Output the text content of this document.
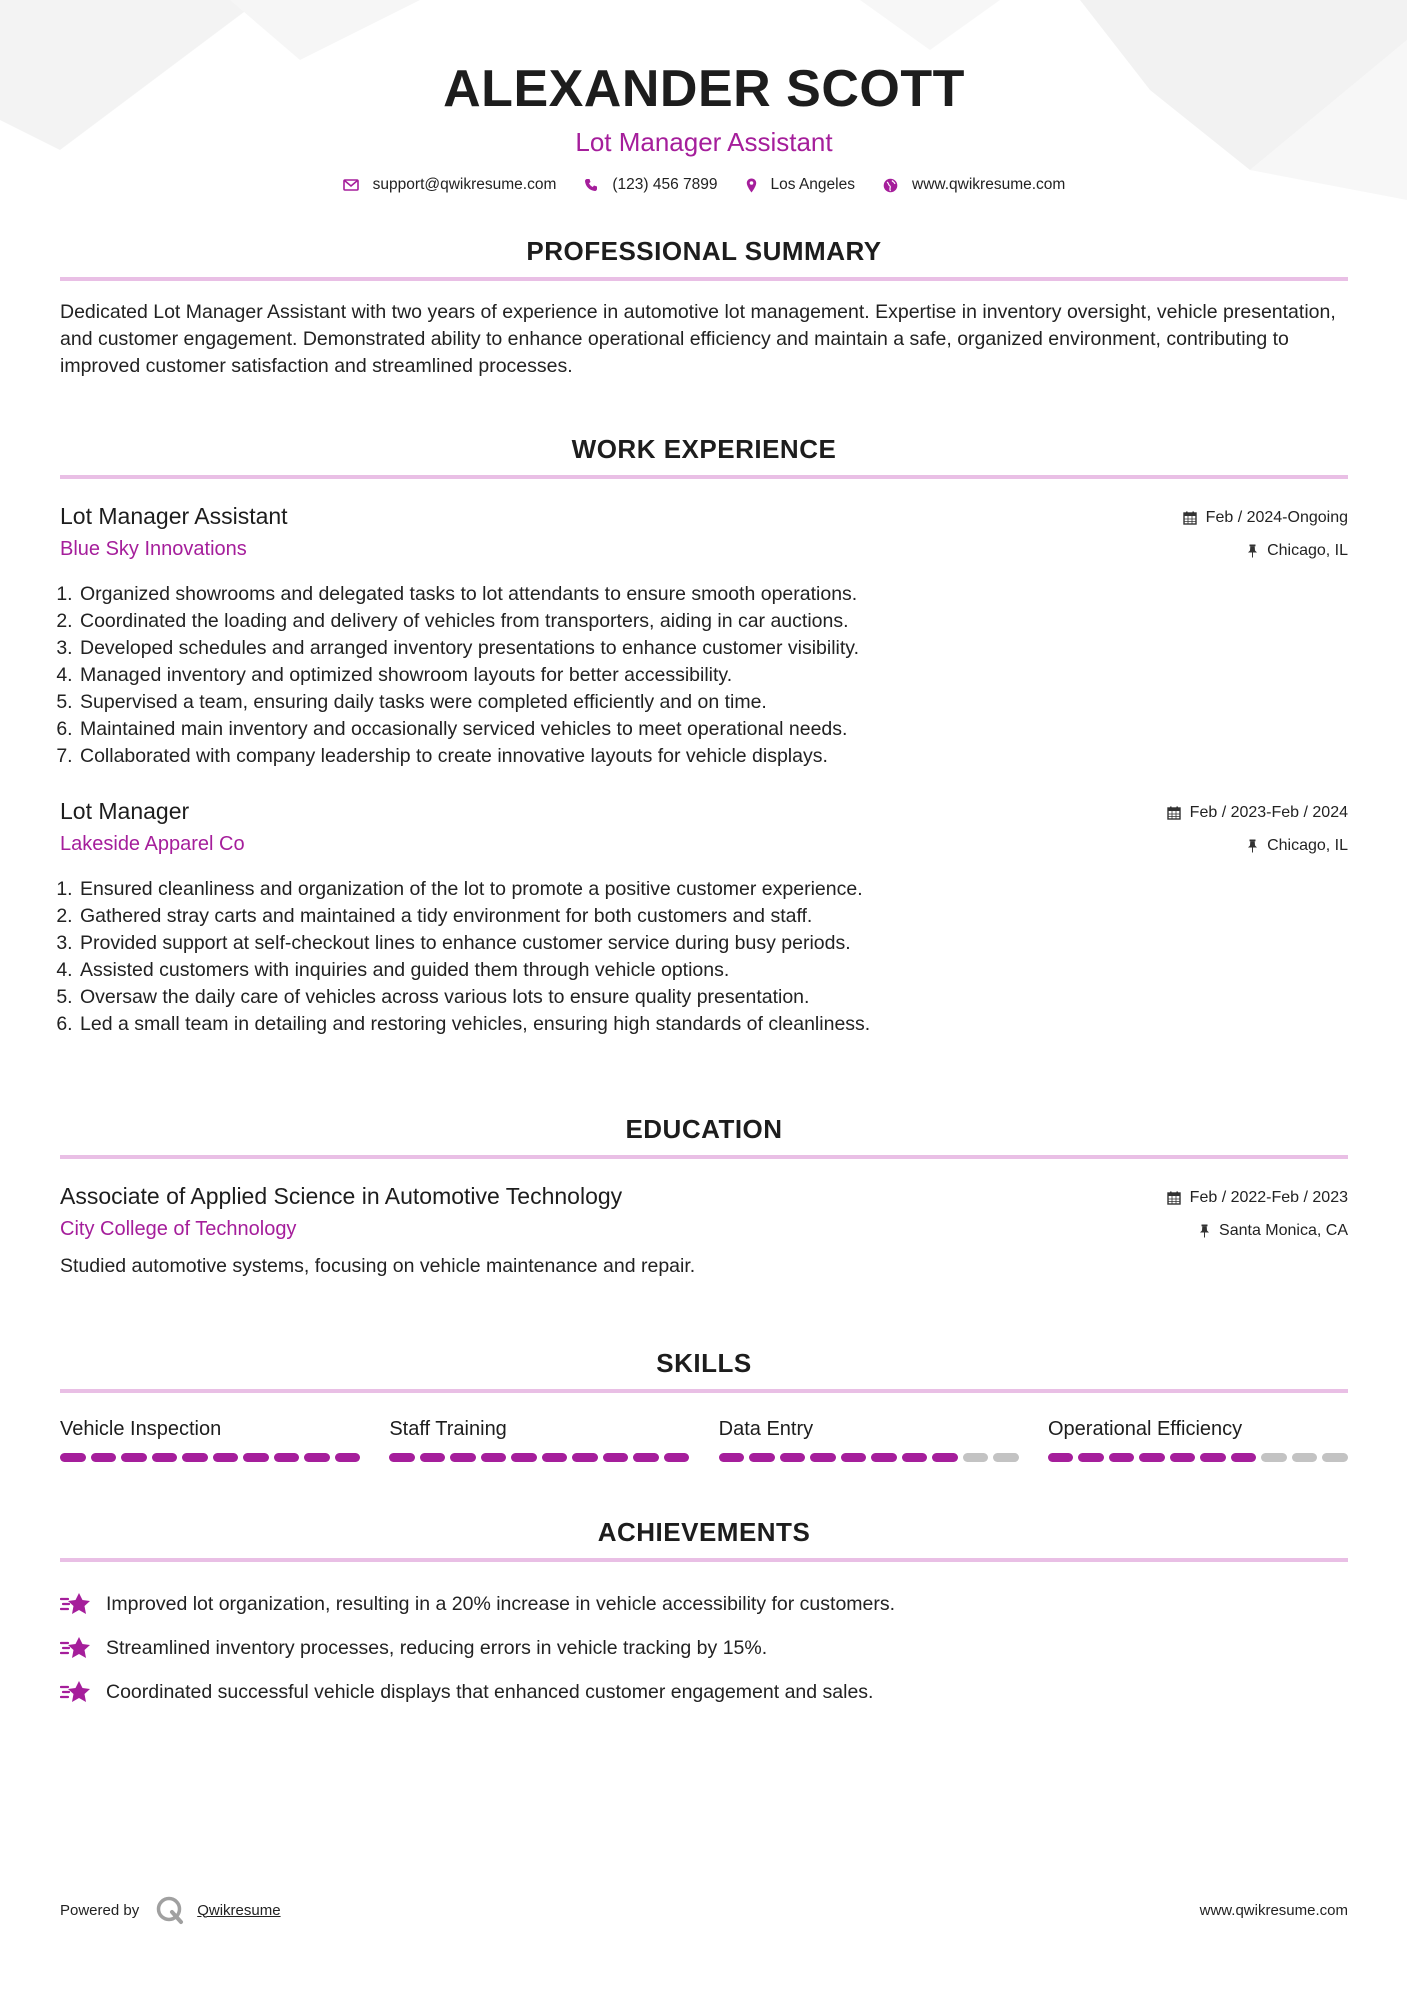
ALEXANDER SCOTT
Lot Manager Assistant
support@qwikresume.com	(123) 456 7899	Los Angeles	www.qwikresume.com
PROFESSIONAL SUMMARY
Dedicated Lot Manager Assistant with two years of experience in automotive lot management. Expertise in inventory oversight, vehicle presentation, and customer engagement. Demonstrated ability to enhance operational efficiency and maintain a safe, organized environment, contributing to improved customer satisfaction and streamlined processes.
WORK EXPERIENCE
Lot Manager Assistant
Blue Sky Innovations
Feb / 2024-Ongoing
Chicago, IL
1. Organized showrooms and delegated tasks to lot attendants to ensure smooth operations.
2. Coordinated the loading and delivery of vehicles from transporters, aiding in car auctions.
3. Developed schedules and arranged inventory presentations to enhance customer visibility.
4. Managed inventory and optimized showroom layouts for better accessibility.
5. Supervised a team, ensuring daily tasks were completed efficiently and on time.
6. Maintained main inventory and occasionally serviced vehicles to meet operational needs.
7. Collaborated with company leadership to create innovative layouts for vehicle displays.
Lot Manager
Lakeside Apparel Co
Feb / 2023-Feb / 2024
Chicago, IL
1. Ensured cleanliness and organization of the lot to promote a positive customer experience.
2. Gathered stray carts and maintained a tidy environment for both customers and staff.
3. Provided support at self-checkout lines to enhance customer service during busy periods.
4. Assisted customers with inquiries and guided them through vehicle options.
5. Oversaw the daily care of vehicles across various lots to ensure quality presentation.
6. Led a small team in detailing and restoring vehicles, ensuring high standards of cleanliness.
EDUCATION
Associate of Applied Science in Automotive Technology
City College of Technology
Feb / 2022-Feb / 2023
Santa Monica, CA
Studied automotive systems, focusing on vehicle maintenance and repair.
SKILLS
Vehicle Inspection	Staff Training	Data Entry	Operational Efficiency
ACHIEVEMENTS
Improved lot organization, resulting in a 20% increase in vehicle accessibility for customers.
Streamlined inventory processes, reducing errors in vehicle tracking by 15%.
Coordinated successful vehicle displays that enhanced customer engagement and sales.
Powered by	Qwikresume	www.qwikresume.com
